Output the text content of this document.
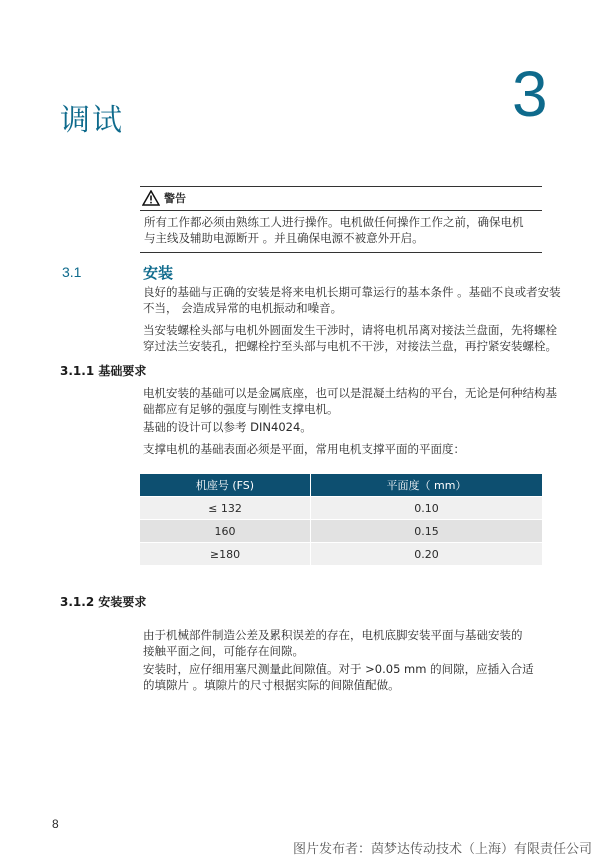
调试	3
警告
所有工作都必须由熟练工人进行操作。电机做任何操作工作之前，确保电机
与主线及辅助电源断开 。并且确保电源不被意外开启。
3.1	安装
良好的基础与正确的安装是将来电机长期可靠运行的基本条件 。基础不良或者安装
不当， 会造成异常的电机振动和噪音。
当安装螺栓头部与电机外圆面发生干涉时，请将电机吊离对接法兰盘面，先将螺栓
穿过法兰安装孔，把螺栓拧至头部与电机不干涉，对接法兰盘，再拧紧安装螺栓。
3.1.1 基础要求
电机安装的基础可以是金属底座，也可以是混凝土结构的平台，无论是何种结构基
础都应有足够的强度与刚性支撑电机。
基础的设计可以参考 DIN4024。
支撑电机的基础表面必须是平面，常用电机支撑平面的平面度：
机座号 (FS)	平面度（ mm）
≤ 132	0.10
160	0.15
≥180	0.20
3.1.2 安装要求
由于机械部件制造公差及累积误差的存在，电机底脚安装平面与基础安装的
接触平面之间，可能存在间隙。
安装时，应仔细用塞尺测量此间隙值。对于 >0.05 mm 的间隙，应插入合适
的填隙片 。填隙片的尺寸根据实际的间隙值配做。
8
图片发布者：茵梦达传动技术（上海）有限责任公司
